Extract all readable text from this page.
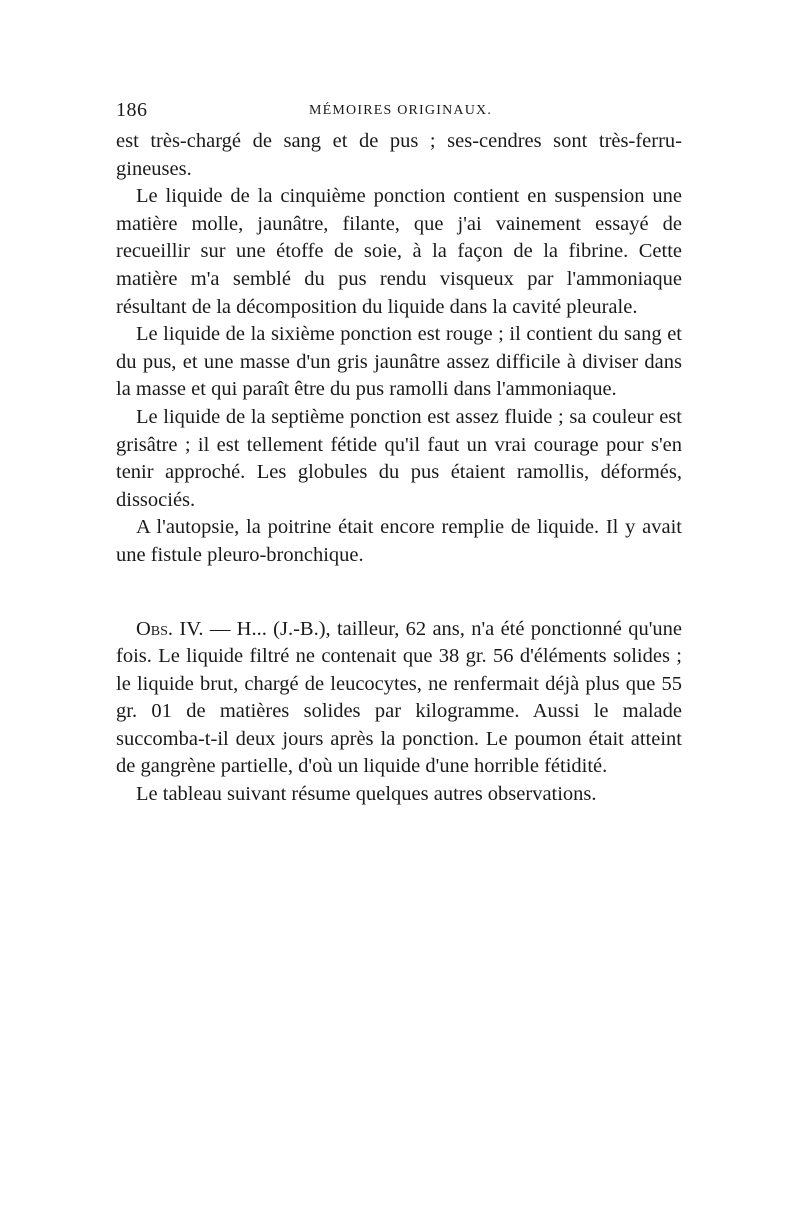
186	MÉMOIRES ORIGINAUX.

est très-chargé de sang et de pus ; ses-cendres sont très-ferru-gineuses.

Le liquide de la cinquième ponction contient en suspension une matière molle, jaunâtre, filante, que j'ai vainement essayé de recueillir sur une étoffe de soie, à la façon de la fibrine. Cette matière m'a semblé du pus rendu visqueux par l'ammoniaque résultant de la décomposition du liquide dans la cavité pleurale.

Le liquide de la sixième ponction est rouge ; il contient du sang et du pus, et une masse d'un gris jaunâtre assez difficile à diviser dans la masse et qui paraît être du pus ramolli dans l'ammoniaque.

Le liquide de la septième ponction est assez fluide ; sa couleur est grisâtre ; il est tellement fétide qu'il faut un vrai courage pour s'en tenir approché. Les globules du pus étaient ramollis, déformés, dissociés.

A l'autopsie, la poitrine était encore remplie de liquide. Il y avait une fistule pleuro-bronchique.

Obs. IV. — H... (J.-B.), tailleur, 62 ans, n'a été ponctionné qu'une fois. Le liquide filtré ne contenait que 38 gr. 56 d'éléments solides ; le liquide brut, chargé de leucocytes, ne renfermait déjà plus que 55 gr. 01 de matières solides par kilogramme. Aussi le malade succomba-t-il deux jours après la ponction. Le poumon était atteint de gangrène partielle, d'où un liquide d'une horrible fétidité.

Le tableau suivant résume quelques autres observations.
